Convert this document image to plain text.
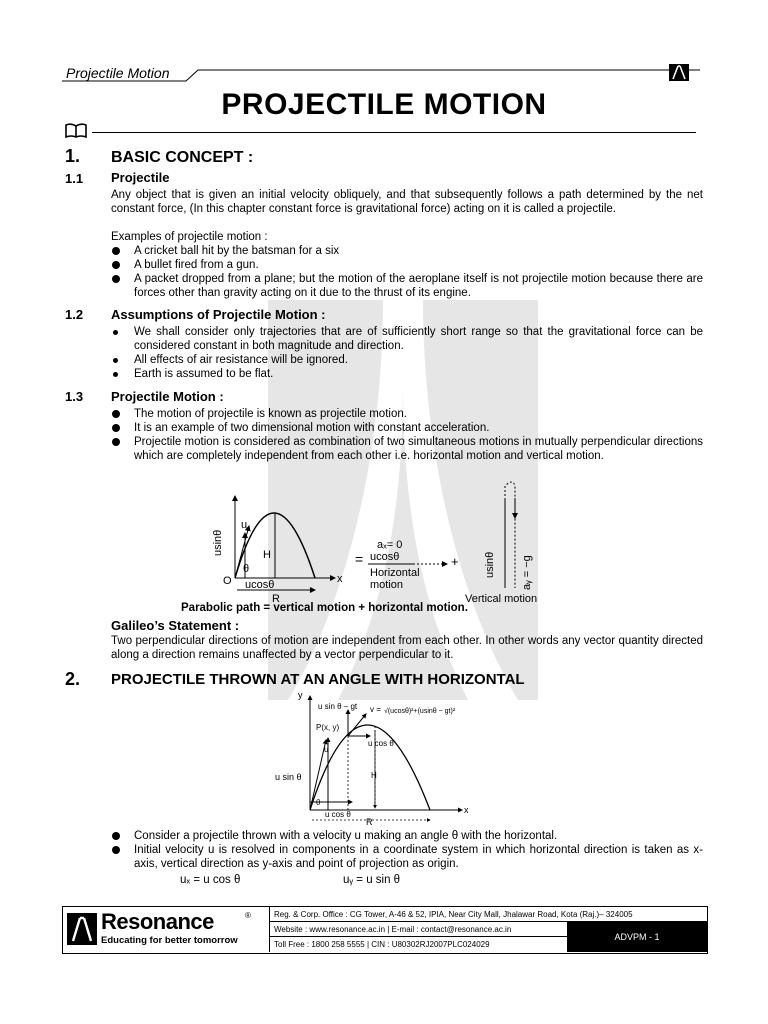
Projectile Motion
PROJECTILE MOTION
1. BASIC CONCEPT :
1.1 Projectile

Any object that is given an initial velocity obliquely, and that subsequently follows a path determined by the net constant force, (In this chapter constant force is gravitational force) acting on it is called a projectile.

Examples of projectile motion :

A cricket ball hit by the batsman for a six
A bullet fired from a gun.
A packet dropped from a plane; but the motion of the aeroplane itself is not projectile motion because there are forces other than gravity acting on it due to the thrust of its engine.
1.2 Assumptions of Projectile Motion :
We shall consider only trajectories that are of sufficiently short range so that the gravitational force can be considered constant in both magnitude and direction.
All effects of air resistance will be ignored.
Earth is assumed to be flat.
1.3 Projectile Motion :
The motion of projectile is known as projectile motion.
It is an example of two dimensional motion with constant acceleration.
Projectile motion is considered as combination of two simultaneous motions in mutually perpendicular directions which are completely independent from each other i.e. horizontal motion and vertical motion.
usinθ
u
H
θ
O ucosθ	x
R
=
aₓ= 0
ucosθ
Horizontal
motion
+ usinθ aᵧ = −g
Vertical motion
Parabolic path = vertical motion + horizontal motion.
Galileo’s Statement :

Two perpendicular directions of motion are independent from each other. In other words any vector quantity directed along a direction remains unaffected by a vector perpendicular to it.

2. PROJECTILE THROWN AT AN ANGLE WITH HORIZONTAL
y
u sin θ – gt v = √(ucosθ)²+(usinθ − gt)²
P(x, y)
u cos θ
u
u sin θ	H
θ
x
u cos θ
R
Consider a projectile thrown with a velocity u making an angle θ with the horizontal.
Initial velocity u is resolved in components in a coordinate system in which horizontal direction is taken as x-axis, vertical direction as y-axis and point of projection as origin.
uₓ = u cos θ	uᵧ = u sin θ
Resonance	®
Educating for better tomorrow
Reg. & Corp. Office : CG Tower, A-46 & 52, IPIA, Near City Mall, Jhalawar Road, Kota (Raj.)– 324005
Website : www.resonance.ac.in | E-mail : contact@resonance.ac.in
Toll Free : 1800 258 5555 | CIN : U80302RJ2007PLC024029
ADVPM - 1
